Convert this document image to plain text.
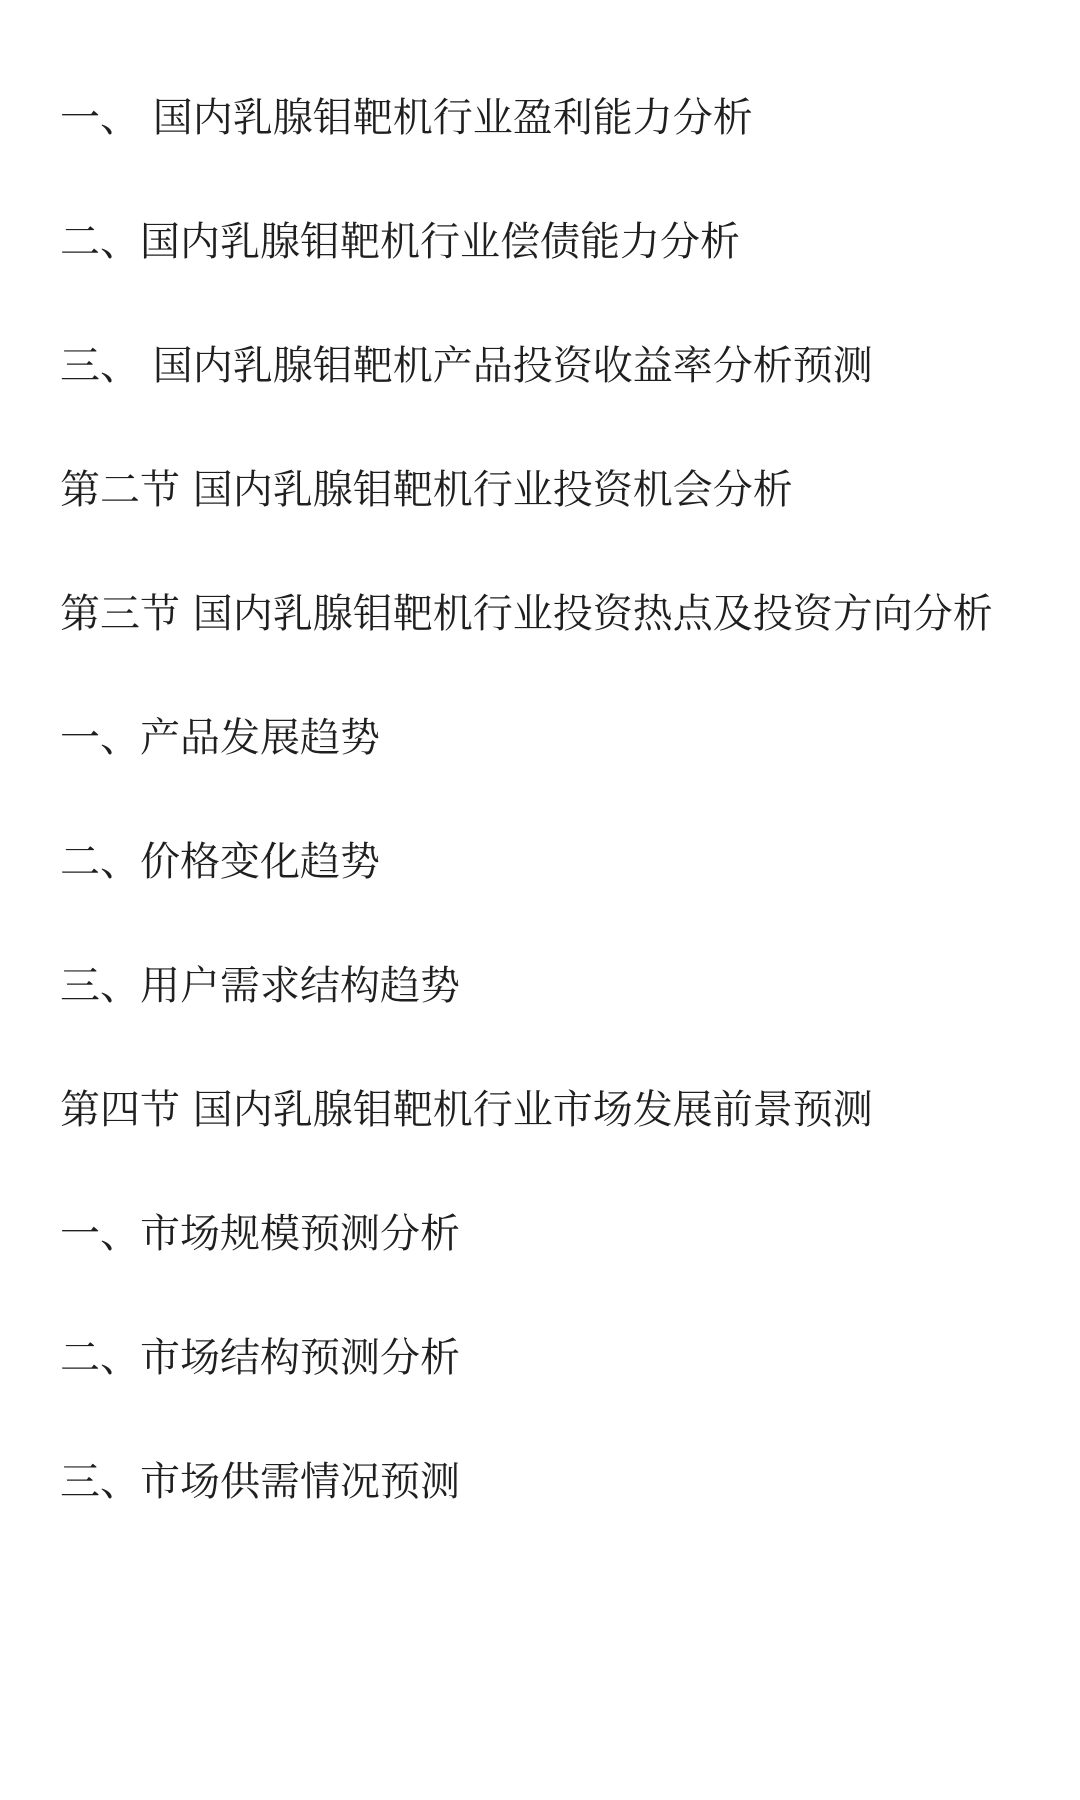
一、 国内乳腺钼靶机行业盈利能力分析

二、国内乳腺钼靶机行业偿债能力分析

三、 国内乳腺钼靶机产品投资收益率分析预测

第二节 国内乳腺钼靶机行业投资机会分析

第三节 国内乳腺钼靶机行业投资热点及投资方向分析

一、产品发展趋势

二、价格变化趋势

三、用户需求结构趋势

第四节 国内乳腺钼靶机行业市场发展前景预测

一、市场规模预测分析

二、市场结构预测分析

三、市场供需情况预测
